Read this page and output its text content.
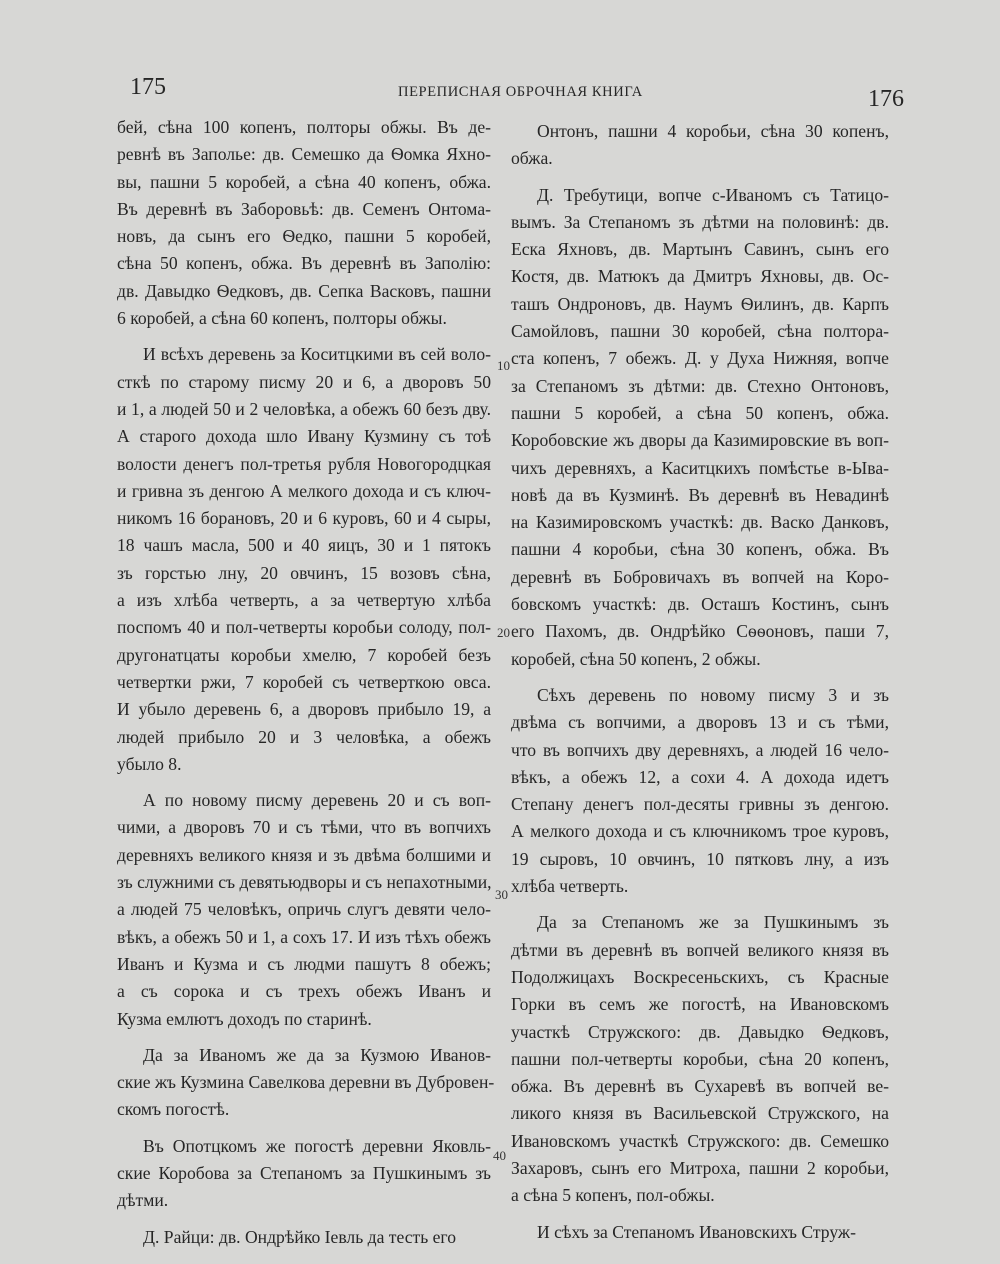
175	ПЕРЕПИСНАЯ ОБРОЧНАЯ КНИГА	176
бей, сѣна 100 копенъ, полторы обжы. Въ де-
ревнѣ въ Заполье: дв. Семешко да Ѳомка Яхно-
вы, пашни 5 коробей, а сѣна 40 копенъ, обжа.
Въ деревнѣ въ Заборовьѣ: дв. Семенъ Онтома-
новъ, да сынъ его Ѳедко, пашни 5 коробей,
сѣна 50 копенъ, обжа. Въ деревнѣ въ Заполію:
дв. Давыдко Ѳедковъ, дв. Сепка Васковъ, пашни
6 коробей, а сѣна 60 копенъ, полторы обжы.
И всѣхъ деревень за Коситцкими въ сей воло-
сткѣ по старому писму 20 и 6, а дворовъ 50
и 1, а людей 50 и 2 человѣка, а обежъ 60 безъ дву.
А старого дохода шло Ивану Кузмину съ тоѣ
волости денегъ пол-третья рубля Новогородцкая
и гривна зъ денгою А мелкого дохода и съ ключ-
никомъ 16 борановъ, 20 и 6 куровъ, 60 и 4 сыры,
18 чашъ масла, 500 и 40 яицъ, 30 и 1 пятокъ
зъ горстью лну, 20 овчинъ, 15 возовъ сѣна,
а изъ хлѣба четверть, а за четвертую хлѣба
поспомъ 40 и пол-четверты коробьи солоду, пол-
другонатцаты коробьи хмелю, 7 коробей безъ
четвертки ржи, 7 коробей съ четверткою овса.
И убыло деревень 6, а дворовъ прибыло 19, а
людей прибыло 20 и 3 человѣка, а обежъ
убыло 8.
А по новому писму деревень 20 и съ воп-
чими, а дворовъ 70 и съ тѣми, что въ вопчихъ
деревняхъ великого князя и зъ двѣма болшими и
зъ служними съ девятьюдворы и съ непахотными,
а людей 75 человѣкъ, опричь слугъ девяти чело-
вѣкъ, а обежъ 50 и 1, а сохъ 17. И изъ тѣхъ обежъ
Иванъ и Кузма и съ людми пашутъ 8 обежъ;
а съ сорока и съ трехъ обежъ Иванъ и
Кузма емлютъ доходъ по старинѣ.
Да за Иваномъ же да за Кузмою Иванов-
ские жъ Кузмина Савелкова деревни въ Дубровен-
скомъ погостѣ.
Въ Опотцкомъ же погостѣ деревни Яковль-
ские Коробова за Степаномъ за Пушкинымъ зъ
дѣтми.
Д. Райци: дв. Ондрѣйко Іевль да тесть его
Онтонъ, пашни 4 коробьи, сѣна 30 копенъ,
обжа.
Д. Требутици, вопче с-Иваномъ съ Татицо-
вымъ. За Степаномъ зъ дѣтми на половинѣ: дв.
Еска Яхновъ, дв. Мартынъ Савинъ, сынъ его
Костя, дв. Матюкъ да Дмитръ Яхновы, дв. Ос-
ташъ Ондроновъ, дв. Наумъ Ѳилинъ, дв. Карпъ
Самойловъ, пашни 30 коробей, сѣна полтора-
ста копенъ, 7 обежъ. Д. у Духа Нижняя, вопче
за Степаномъ зъ дѣтми: дв. Стехно Онтоновъ,
пашни 5 коробей, а сѣна 50 копенъ, обжа.
Коробовские жъ дворы да Казимировские въ воп-
чихъ деревняхъ, а Каситцкихъ помѣстье в-Ыва-
новѣ да въ Кузминѣ. Въ деревнѣ въ Невадинѣ
на Казимировскомъ участкѣ: дв. Васко Данковъ,
пашни 4 коробьи, сѣна 30 копенъ, обжа. Въ
деревнѣ въ Бобровичахъ въ вопчей на Коро-
бовскомъ участкѣ: дв. Осташъ Костинъ, сынъ
его Пахомъ, дв. Ондрѣйко Сѳѳоновъ, паши 7,
коробей, сѣна 50 копенъ, 2 обжы.
Сѣхъ деревень по новому писму 3 и зъ
двѣма съ вопчими, а дворовъ 13 и съ тѣми,
что въ вопчихъ дву деревняхъ, а людей 16 чело-
вѣкъ, а обежъ 12, а сохи 4. А дохода идетъ
Степану денегъ пол-десяты гривны зъ денгою.
А мелкого дохода и съ ключникомъ трое куровъ,
19 сыровъ, 10 овчинъ, 10 пятковъ лну, а изъ
хлѣба четверть.
Да за Степаномъ же за Пушкинымъ зъ
дѣтми въ деревнѣ въ вопчей великого князя въ
Подолжицахъ Воскресеньскихъ, съ Красные
Горки въ семъ же погостѣ, на Ивановскомъ
участкѣ Стружского: дв. Давыдко Ѳедковъ,
пашни пол-четверты коробьи, сѣна 20 копенъ,
обжа. Въ деревнѣ въ Сухаревѣ въ вопчей ве-
ликого князя въ Васильевской Стружского, на
Ивановскомъ участкѣ Стружского: дв. Семешко
Захаровъ, сынъ его Митроха, пашни 2 коробьи,
а сѣна 5 копенъ, пол-обжы.
И сѣхъ за Степаномъ Ивановскихъ Струж-
10
20
30
40
